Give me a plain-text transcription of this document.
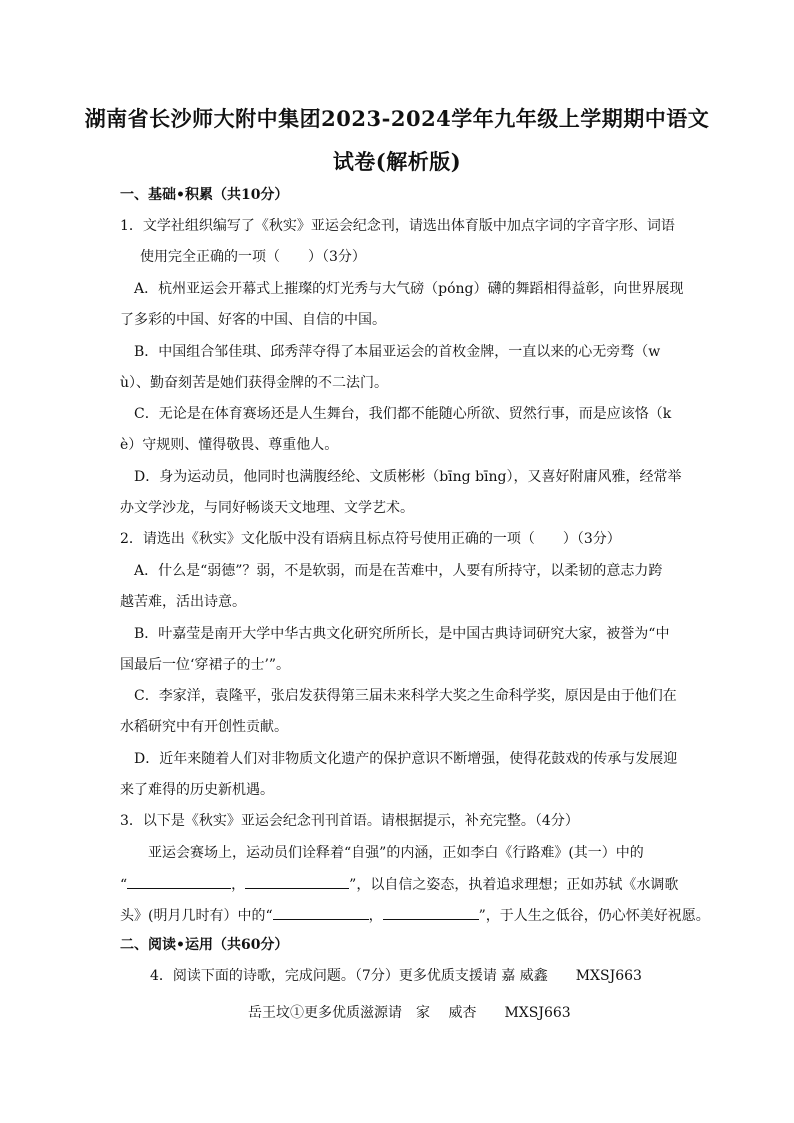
湖南省长沙师大附中集团2023-2024学年九年级上学期期中语文
试卷(解析版)
一、基础•积累（共10分）
1．文学社组织编写了《秋实》亚运会纪念刊，请选出体育版中加点字词的字音字形、词语
使用完全正确的一项（　　）（3分）
A．杭州亚运会开幕式上摧璨的灯光秀与大气磅（póng）礴的舞蹈相得益彰，向世界展现
了多彩的中国、好客的中国、自信的中国。
B．中国组合邹佳琪、邱秀萍夺得了本届亚运会的首枚金牌，一直以来的心无旁骛（w
ù）、勤奋刻苦是她们获得金牌的不二法门。
C．无论是在体育赛场还是人生舞台，我们都不能随心所欲、贸然行事，而是应该恪（k
è）守规则、懂得敬畏、尊重他人。
D．身为运动员，他同时也满腹经纶、文质彬彬（bīng bīng），又喜好附庸风雅，经常举
办文学沙龙，与同好畅谈天文地理、文学艺术。
2．请选出《秋实》文化版中没有语病且标点符号使用正确的一项（　　）（3分）
A．什么是“弱德”？弱，不是软弱，而是在苦难中，人要有所持守，以柔韧的意志力跨
越苦难，活出诗意。
B．叶嘉莹是南开大学中华古典文化研究所所长，是中国古典诗词研究大家，被誉为“中
国最后一位‘穿裙子的士’”。
C．李家洋，袁隆平，张启发获得第三届未来科学大奖之生命科学奖，原因是由于他们在
水稻研究中有开创性贡献。
D．近年来随着人们对非物质文化遗产的保护意识不断增强，使得花鼓戏的传承与发展迎
来了难得的历史新机遇。
3．以下是《秋实》亚运会纪念刊刊首语。请根据提示，补充完整。（4分）
亚运会赛场上，运动员们诠释着“自强”的内涵，正如李白《行路难》(其一）中的
“	，	”，以自信之姿态，执着追求理想；正如苏轼《水调歌
头》(明月几时有）中的“	，	”，于人生之低谷，仍心怀美好祝愿。
二、阅读•运用（共60分）
4．阅读下面的诗歌，完成问题。（7分）更多优质支援请 嘉 威鑫　　MXSJ663
岳王坟①更多优质滋源请　家　 威杏　　MXSJ663
